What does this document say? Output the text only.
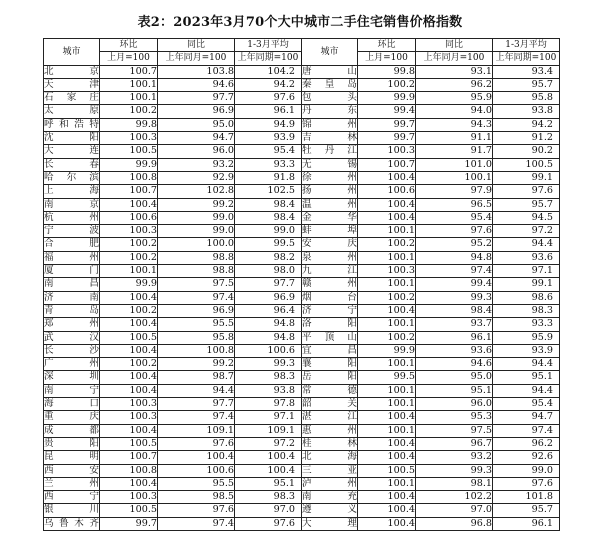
表2：2023年3月70个大中城市二手住宅销售价格指数
城市	环比	同比	1-3月平均	城市	环比	同比	1-3月平均
	上月=100	上年同月=100	上年同期=100		上月=100	上年同月=100	上年同期=100
北京	100.7	103.8	104.2	唐山	99.8	93.1	93.4
天津	100.1	94.6	94.2	秦皇岛	100.2	96.2	95.7
石家庄	100.1	97.7	97.6	包头	99.9	95.9	95.8
太原	100.2	96.9	96.1	丹东	99.4	94.0	93.8
呼和浩特	99.8	95.0	94.9	锦州	99.7	94.3	94.2
沈阳	100.3	94.7	93.9	吉林	99.7	91.1	91.2
大连	100.5	96.0	95.4	牡丹江	100.3	91.7	90.2
长春	99.9	93.2	93.3	无锡	100.7	101.0	100.5
哈尔滨	100.8	92.9	91.8	徐州	100.4	100.1	99.1
上海	100.7	102.8	102.5	扬州	100.6	97.9	97.6
南京	100.4	99.2	98.4	温州	100.4	96.5	95.7
杭州	100.6	99.0	98.4	金华	100.4	95.4	94.5
宁波	100.3	99.0	99.0	蚌埠	100.1	97.6	97.2
合肥	100.2	100.0	99.5	安庆	100.2	95.2	94.4
福州	100.2	98.8	98.2	泉州	100.1	94.8	93.6
厦门	100.1	98.8	98.0	九江	100.3	97.4	97.1
南昌	99.9	97.5	97.7	赣州	100.1	99.4	99.1
济南	100.4	97.4	96.9	烟台	100.2	99.3	98.6
青岛	100.2	96.9	96.4	济宁	100.4	98.4	98.3
郑州	100.4	95.5	94.8	洛阳	100.1	93.7	93.3
武汉	100.5	95.8	94.8	平顶山	100.2	96.1	95.9
长沙	100.4	100.8	100.6	宜昌	99.9	93.6	93.9
广州	100.2	99.2	99.3	襄阳	100.1	94.6	94.4
深圳	100.4	98.7	98.3	岳阳	99.5	95.0	95.1
南宁	100.4	94.4	93.8	常德	100.1	95.1	94.4
海口	100.3	97.7	97.8	韶关	100.1	96.0	95.4
重庆	100.3	97.4	97.1	湛江	100.4	95.3	94.7
成都	100.4	109.1	109.1	惠州	100.1	97.5	97.4
贵阳	100.5	97.6	97.2	桂林	100.4	96.7	96.2
昆明	100.7	100.4	100.4	北海	100.4	93.2	92.6
西安	100.8	100.6	100.4	三亚	100.5	99.3	99.0
兰州	100.4	95.5	95.1	泸州	100.1	98.1	97.6
西宁	100.3	98.5	98.3	南充	100.4	102.2	101.8
银川	100.5	97.6	97.0	遵义	100.4	97.0	95.7
乌鲁木齐	99.7	97.4	97.6	大理	100.4	96.8	96.1
